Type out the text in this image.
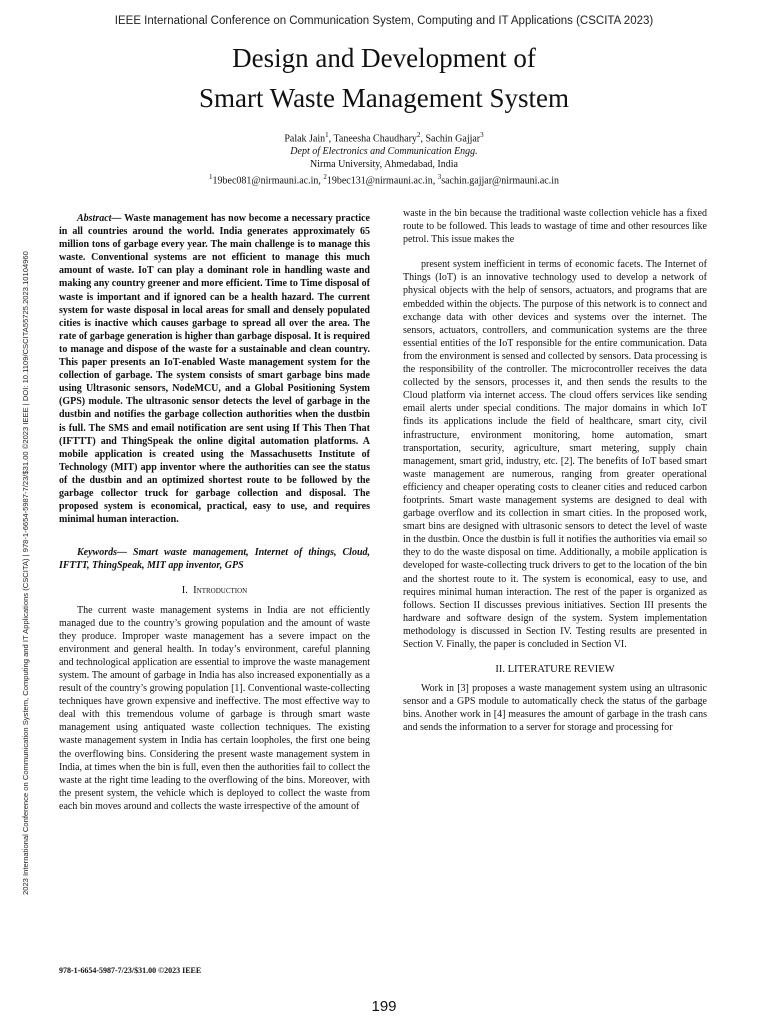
IEEE International Conference on Communication System, Computing and IT Applications (CSCITA 2023)
Design and Development of
Smart Waste Management System
Palak Jain$^1$, Taneesha Chaudhary$^2$, Sachin Gajjar$^3$
Dept of Electronics and Communication Engg.
Nirma University, Ahmedabad, India
$^1$19bec081@nirmauni.ac.in, $^2$19bec131@nirmauni.ac.in, $^3$sachin.gajjar@nirmauni.ac.in
2023 International Conference on Communication System, Computing and IT Applications (CSCITA) | 978-1-6654-5987-7/23/$31.00 ©2023 IEEE | DOI: 10.1109/CSCITA55725.2023.10104960

Abstract— Waste management has now become a necessary practice in all countries around the world. India generates approximately 65 million tons of garbage every year. The main challenge is to manage this waste. Conventional systems are not efficient to manage this much amount of waste. IoT can play a dominant role in handling waste and making any country greener and more efficient. Time to Time disposal of waste is important and if ignored can be a health hazard. The current system for waste disposal in local areas for small and densely populated cities is inactive which causes garbage to spread all over the area. The rate of garbage generation is higher than garbage disposal. It is required to manage and dispose of the waste for a sustainable and clean country. This paper presents an IoT-enabled Waste management system for the collection of garbage. The system consists of smart garbage bins made using Ultrasonic sensors, NodeMCU, and a Global Positioning System (GPS) module. The ultrasonic sensor detects the level of garbage in the dustbin and notifies the garbage collection authorities when the dustbin is full. The SMS and email notification are sent using If This Then That (IFTTT) and ThingSpeak the online digital automation platforms. A mobile application is created using the Massachusetts Institute of Technology (MIT) app inventor where the authorities can see the status of the dustbin and an optimized shortest route to be followed by the garbage collector truck for garbage collection and disposal. The proposed system is economical, practical, easy to use, and requires minimal human interaction.

Keywords— Smart waste management, Internet of things, Cloud, IFTTT, ThingSpeak, MIT app inventor, GPS

I. Introduction

The current waste management systems in India are not efficiently managed due to the country’s growing population and the amount of waste they produce. Improper waste management has a severe impact on the environment and general health. In today’s environment, careful planning and technological application are essential to improve the waste management system. The amount of garbage in India has also increased exponentially as a result of the country’s growing population [1]. Conventional waste-collecting techniques have grown expensive and ineffective. The most effective way to deal with this tremendous volume of garbage is through smart waste management using antiquated waste collection techniques. The existing waste management system in India has certain loopholes, the first one being the overflowing bins. Considering the present waste management system in India, at times when the bin is full, even then the authorities fail to collect the waste at the right time leading to the overflowing of the bins. Moreover, with the present system, the vehicle which is deployed to collect the waste from each bin moves around and collects the waste irrespective of the amount of

waste in the bin because the traditional waste collection vehicle has a fixed route to be followed. This leads to wastage of time and other resources like petrol. This issue makes the

present system inefficient in terms of economic facets. The Internet of Things (IoT) is an innovative technology used to develop a network of physical objects with the help of sensors, actuators, and programs that are embedded within the objects. The purpose of this network is to connect and exchange data with other devices and systems over the internet. The sensors, actuators, controllers, and communication systems are the three essential entities of the IoT responsible for the entire communication. Data from the environment is sensed and collected by sensors. Data processing is the responsibility of the controller. The microcontroller receives the data collected by the sensors, processes it, and then sends the results to the Cloud platform via internet access. The cloud offers services like sending email alerts under special conditions. The major domains in which IoT finds its applications include the field of healthcare, smart city, civil infrastructure, environment monitoring, home automation, smart transportation, security, agriculture, smart metering, supply chain management, smart grid, industry, etc. [2]. The benefits of IoT based smart waste management are numerous, ranging from greater operational efficiency and cheaper operating costs to cleaner cities and reduced carbon footprints. Smart waste management systems are designed to deal with garbage overflow and its collection in smart cities. In the proposed work, smart bins are designed with ultrasonic sensors to detect the level of waste in the dustbin. Once the dustbin is full it notifies the authorities via email so they to do the waste disposal on time. Additionally, a mobile application is developed for waste-collecting truck drivers to get to the location of the bin and the shortest route to it. The system is economical, easy to use, and requires minimal human interaction. The rest of the paper is organized as follows. Section II discusses previous initiatives. Section III presents the hardware and software design of the system. System implementation methodology is discussed in Section IV. Testing results are presented in Section V. Finally, the paper is concluded in Section VI.

II. LITERATURE REVIEW

Work in [3] proposes a waste management system using an ultrasonic sensor and a GPS module to automatically check the status of the garbage bins. Another work in [4] measures the amount of garbage in the trash cans and sends the information to a server for storage and processing for

978-1-6654-5987-7/23/$31.00 ©2023 IEEE
199
